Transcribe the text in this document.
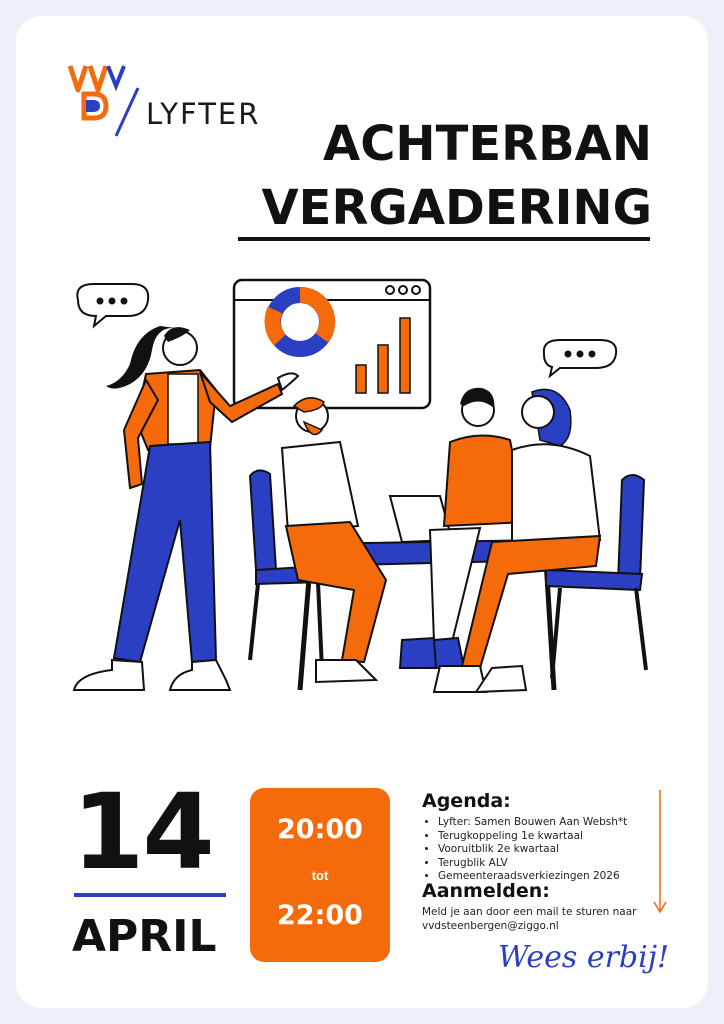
LYFTER
ACHTERBAN
VERGADERING
14
APRIL
20:00
tot
22:00
Agenda:
• Lyfter: Samen Bouwen Aan Websh*t
• Terugkoppeling 1e kwartaal
• Vooruitblik 2e kwartaal
• Terugblik ALV
• Gemeenteraadsverkiezingen 2026
Aanmelden:
Meld je aan door een mail te sturen naar vvdsteenbergen@ziggo.nl
Wees erbij!
